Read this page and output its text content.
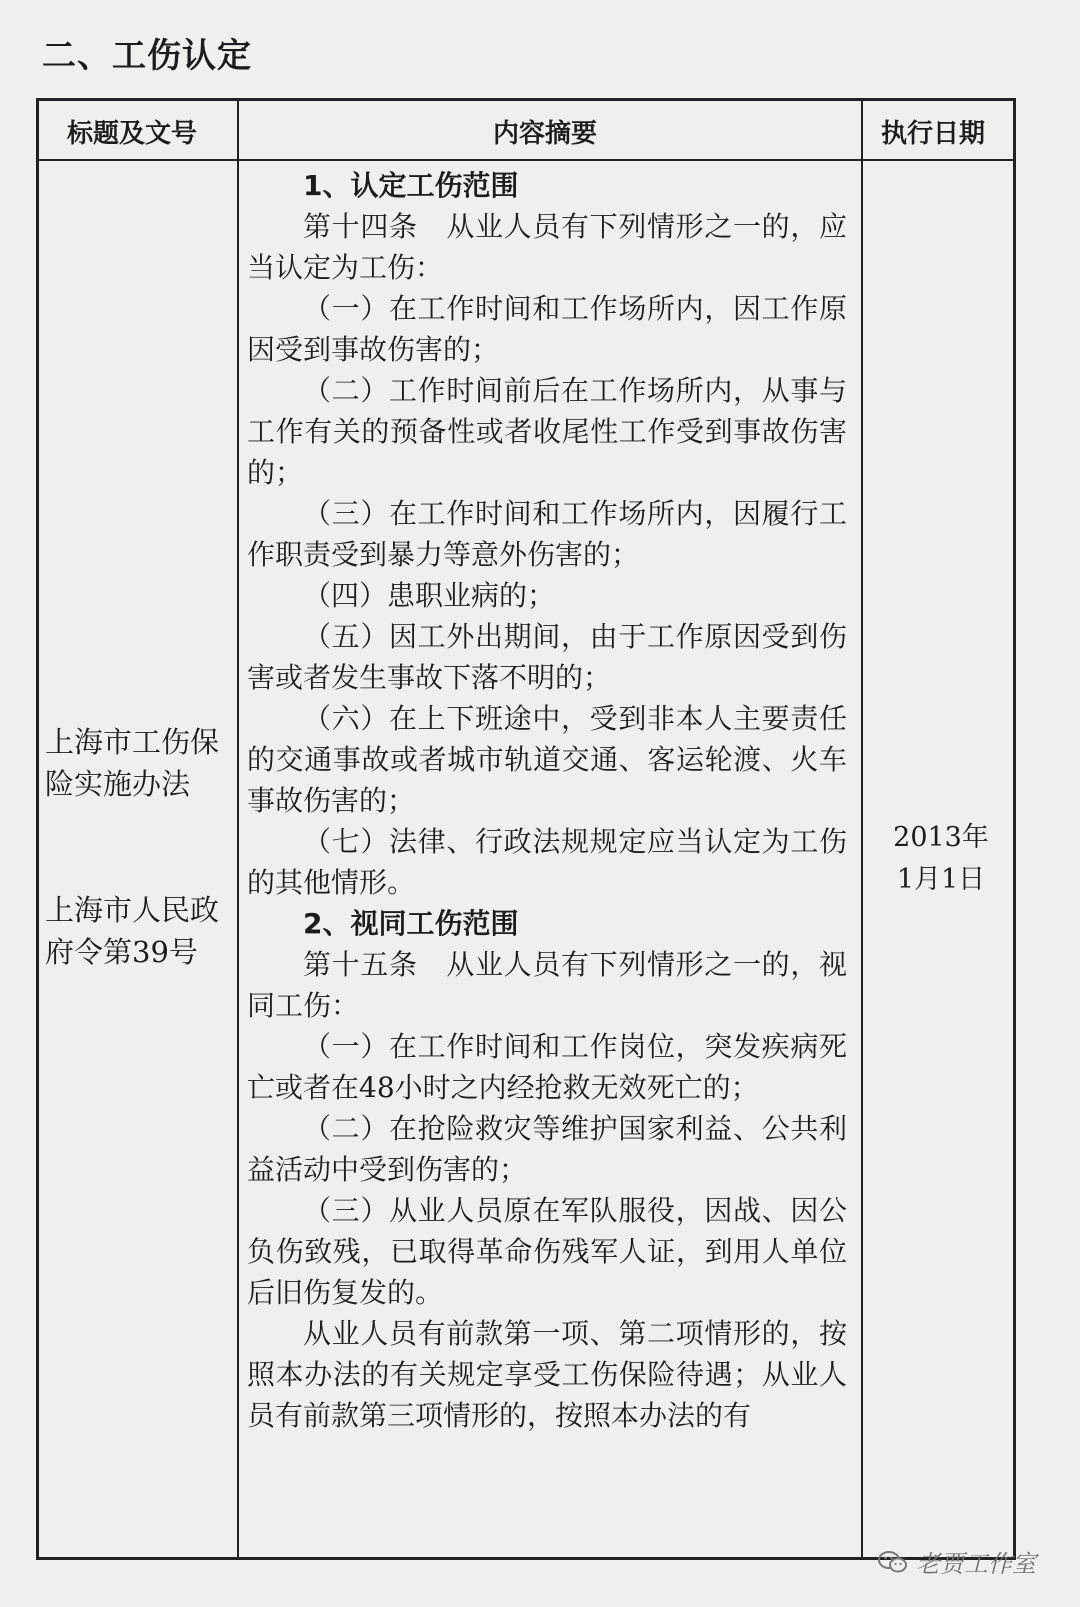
二、工伤认定
标题及文号	内容摘要	执行日期
上海市工伤保险实施办法
上海市人民政府令第39号

1、认定工伤范围

第十四条　从业人员有下列情形之一的，应当认定为工伤：

（一）在工作时间和工作场所内，因工作原因受到事故伤害的；

（二）工作时间前后在工作场所内，从事与工作有关的预备性或者收尾性工作受到事故伤害的；

（三）在工作时间和工作场所内，因履行工作职责受到暴力等意外伤害的；

（四）患职业病的；

（五）因工外出期间，由于工作原因受到伤害或者发生事故下落不明的；

（六）在上下班途中，受到非本人主要责任的交通事故或者城市轨道交通、客运轮渡、火车事故伤害的；

（七）法律、行政法规规定应当认定为工伤的其他情形。

2、视同工伤范围

第十五条　从业人员有下列情形之一的，视同工伤：

（一）在工作时间和工作岗位，突发疾病死亡或者在48小时之内经抢救无效死亡的；

（二）在抢险救灾等维护国家利益、公共利益活动中受到伤害的；

（三）从业人员原在军队服役，因战、因公负伤致残，已取得革命伤残军人证，到用人单位后旧伤复发的。

从业人员有前款第一项、第二项情形的，按照本办法的有关规定享受工伤保险待遇；从业人员有前款第三项情形的，按照本办法的有

2013年
1月1日
老贾工作室
